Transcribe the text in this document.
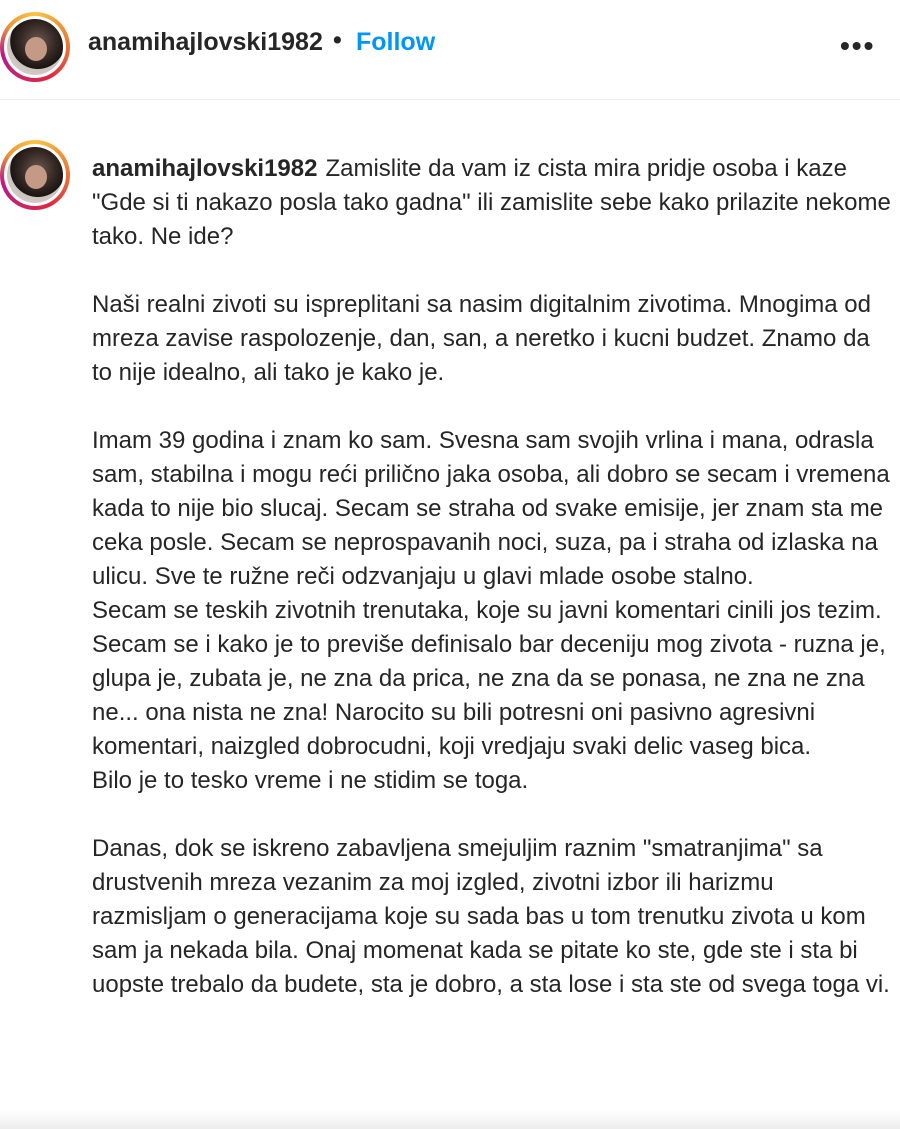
anamihajlovski1982 • Follow	•••

anamihajlovski1982 Zamislite da vam iz cista mira pridje osoba i kaze "Gde si ti nakazo posla tako gadna" ili zamislite sebe kako prilazite nekome tako. Ne ide?

Naši realni zivoti su ispreplitani sa nasim digitalnim zivotima. Mnogima od mreza zavise raspolozenje, dan, san, a neretko i kucni budzet. Znamo da to nije idealno, ali tako je kako je.

Imam 39 godina i znam ko sam. Svesna sam svojih vrlina i mana, odrasla sam, stabilna i mogu reći prilično jaka osoba, ali dobro se secam i vremena kada to nije bio slucaj. Secam se straha od svake emisije, jer znam sta me ceka posle. Secam se neprospavanih noci, suza, pa i straha od izlaska na ulicu. Sve te ružne reči odzvanjaju u glavi mlade osobe stalno.

Secam se teskih zivotnih trenutaka, koje su javni komentari cinili jos tezim.

Secam se i kako je to previše definisalo bar deceniju mog zivota - ruzna je, glupa je, zubata je, ne zna da prica, ne zna da se ponasa, ne zna ne zna ne... ona nista ne zna! Narocito su bili potresni oni pasivno agresivni komentari, naizgled dobrocudni, koji vredjaju svaki delic vaseg bica.

Bilo je to tesko vreme i ne stidim se toga.

Danas, dok se iskreno zabavljena smejuljim raznim "smatranjima" sa drustvenih mreza vezanim za moj izgled, zivotni izbor ili harizmu razmisljam o generacijama koje su sada bas u tom trenutku zivota u kom sam ja nekada bila. Onaj momenat kada se pitate ko ste, gde ste i sta bi uopste trebalo da budete, sta je dobro, a sta lose i sta ste od svega toga vi.
